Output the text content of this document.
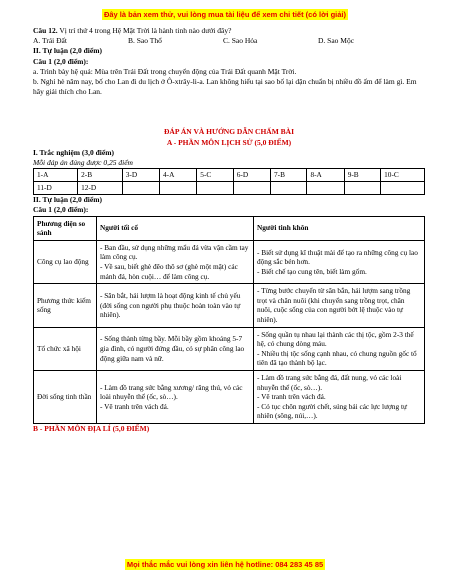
Đây là bản xem thử, vui lòng mua tài liệu để xem chi tiết (có lời giải)

Câu 12. Vị trí thứ 4 trong Hệ Mặt Trời là hành tinh nào dưới đây?

A. Trái Đất	B. Sao Thổ	C. Sao Hỏa	D. Sao Mộc

II. Tự luận (2,0 điểm)

Câu 1 (2,0 điểm):

a. Trình bày hệ quả: Mùa trên Trái Đất trong chuyển động của Trái Đất quanh Mặt Trời.

b. Nghỉ hè năm nay, bố cho Lan đi du lịch ở Ô-xtrây-li-a. Lan không hiểu tại sao bố lại dặn chuẩn bị nhiều đồ ấm để làm gì. Em hãy giải thích cho Lan.

ĐÁP ÁN VÀ HƯỚNG DẪN CHẤM BÀI

A - PHẦN MÔN LỊCH SỬ (5,0 ĐIỂM)

I. Trắc nghiệm (3,0 điểm)

Mỗi đáp án đúng được 0,25 điểm

1-A	2-B	3-D	4-A	5-C	6-D	7-B	8-A	9-B	10-C
11-D	12-D								

II. Tự luận (2,0 điểm)

Câu 1 (2,0 điểm):

Phương diện so sánh	Người tối cổ	Người tinh khôn
Công cụ lao động	- Ban đầu, sử dụng những mẩu đá vừa vặn cầm tay làm công cụ.
- Về sau, biết ghè đẽo thô sơ (ghè một mặt) các mảnh đá, hòn cuội… để làm công cụ.	- Biết sử dụng kĩ thuật mài để tạo ra những công cụ lao động sắc bén hơn.
- Biết chế tạo cung tên, biết làm gốm.
Phương thức kiếm sống	- Săn bắt, hái lượm là hoạt động kinh tế chủ yếu (đời sống con người phụ thuộc hoàn toàn vào tự nhiên).	- Từng bước chuyển từ săn bắn, hái lượm sang trồng trọt và chăn nuôi (khi chuyển sang trồng trọt, chăn nuôi, cuộc sống của con người bớt lệ thuộc vào tự nhiên).
Tổ chức xã hội	- Sống thành từng bầy. Mỗi bầy gồm khoảng 5-7 gia đình, có người đứng đầu, có sự phân công lao động giữa nam và nữ.	- Sống quần tụ nhau lại thành các thị tộc, gồm 2-3 thế hệ, có chung dòng máu.
- Nhiều thị tộc sống cạnh nhau, có chung nguồn gốc tổ tiên đã tạo thành bộ lạc.
Đời sống tinh thần	- Làm đồ trang sức bằng xương/ răng thú, vỏ các loài nhuyễn thể (ốc, sò…).
- Vẽ tranh trên vách đá.	- Làm đồ trang sức bằng đá, đất nung, vỏ các loài nhuyễn thể (ốc, sò…).
- Vẽ tranh trên vách đá.
- Có tục chôn người chết, súng bái các lực lượng tự nhiên (sông, núi,…).

B - PHẦN MÔN ĐỊA LÍ (5,0 ĐIỂM)

Mọi thắc mắc vui lòng xin liên hệ hotline: 084 283 45 85
